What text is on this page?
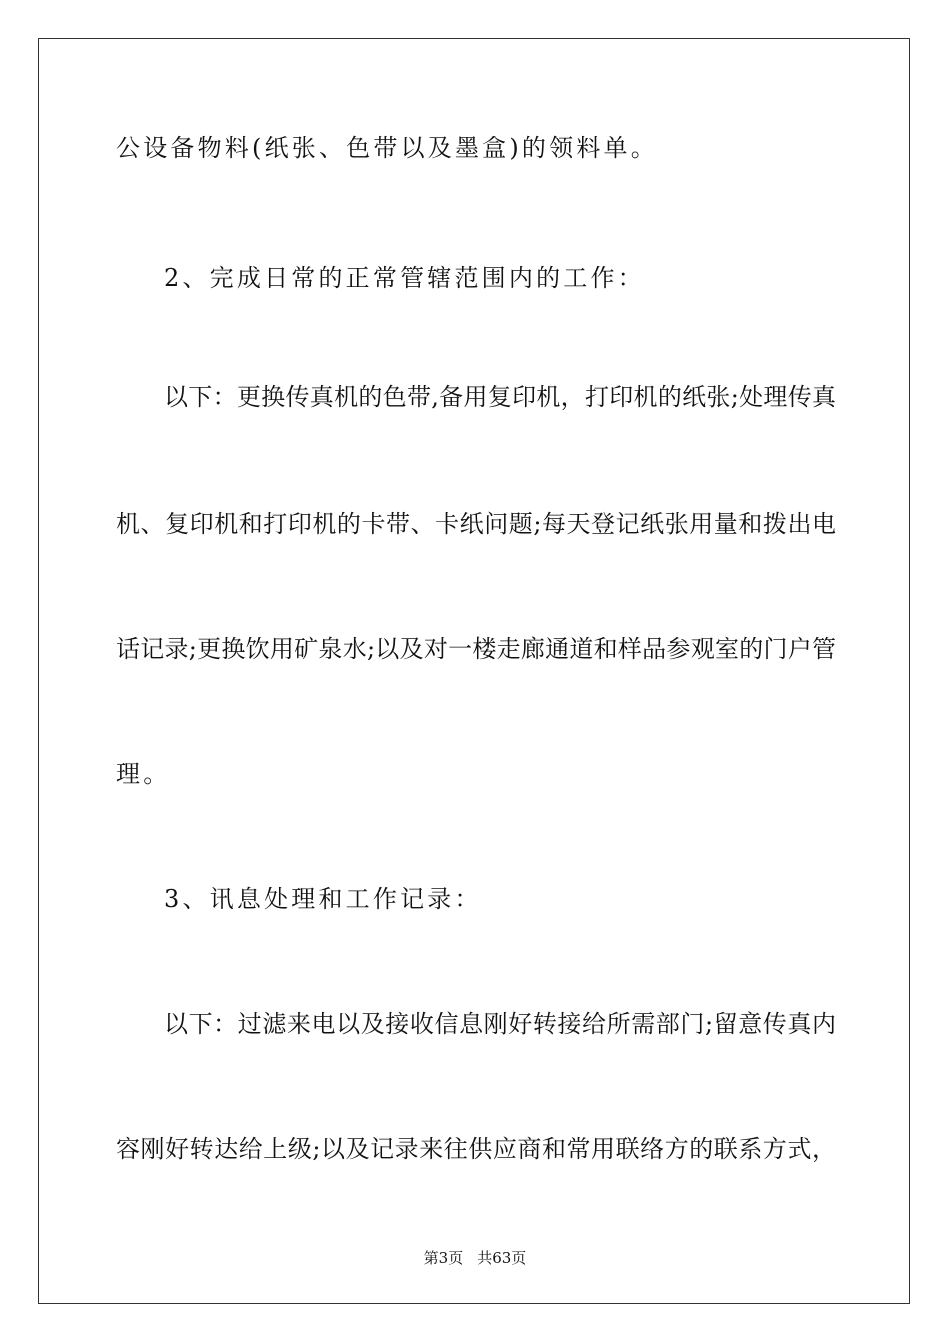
公设备物料(纸张、色带以及墨盒)的领料单。
2、完成日常的正常管辖范围内的工作：
以下：更换传真机的色带,备用复印机，打印机的纸张;处理传真
机、复印机和打印机的卡带、卡纸问题;每天登记纸张用量和拨出电
话记录;更换饮用矿泉水;以及对一楼走廊通道和样品参观室的门户管
理。
3、讯息处理和工作记录：
以下：过滤来电以及接收信息刚好转接给所需部门;留意传真内
容刚好转达给上级;以及记录来往供应商和常用联络方的联系方式，
第3页 共63页
